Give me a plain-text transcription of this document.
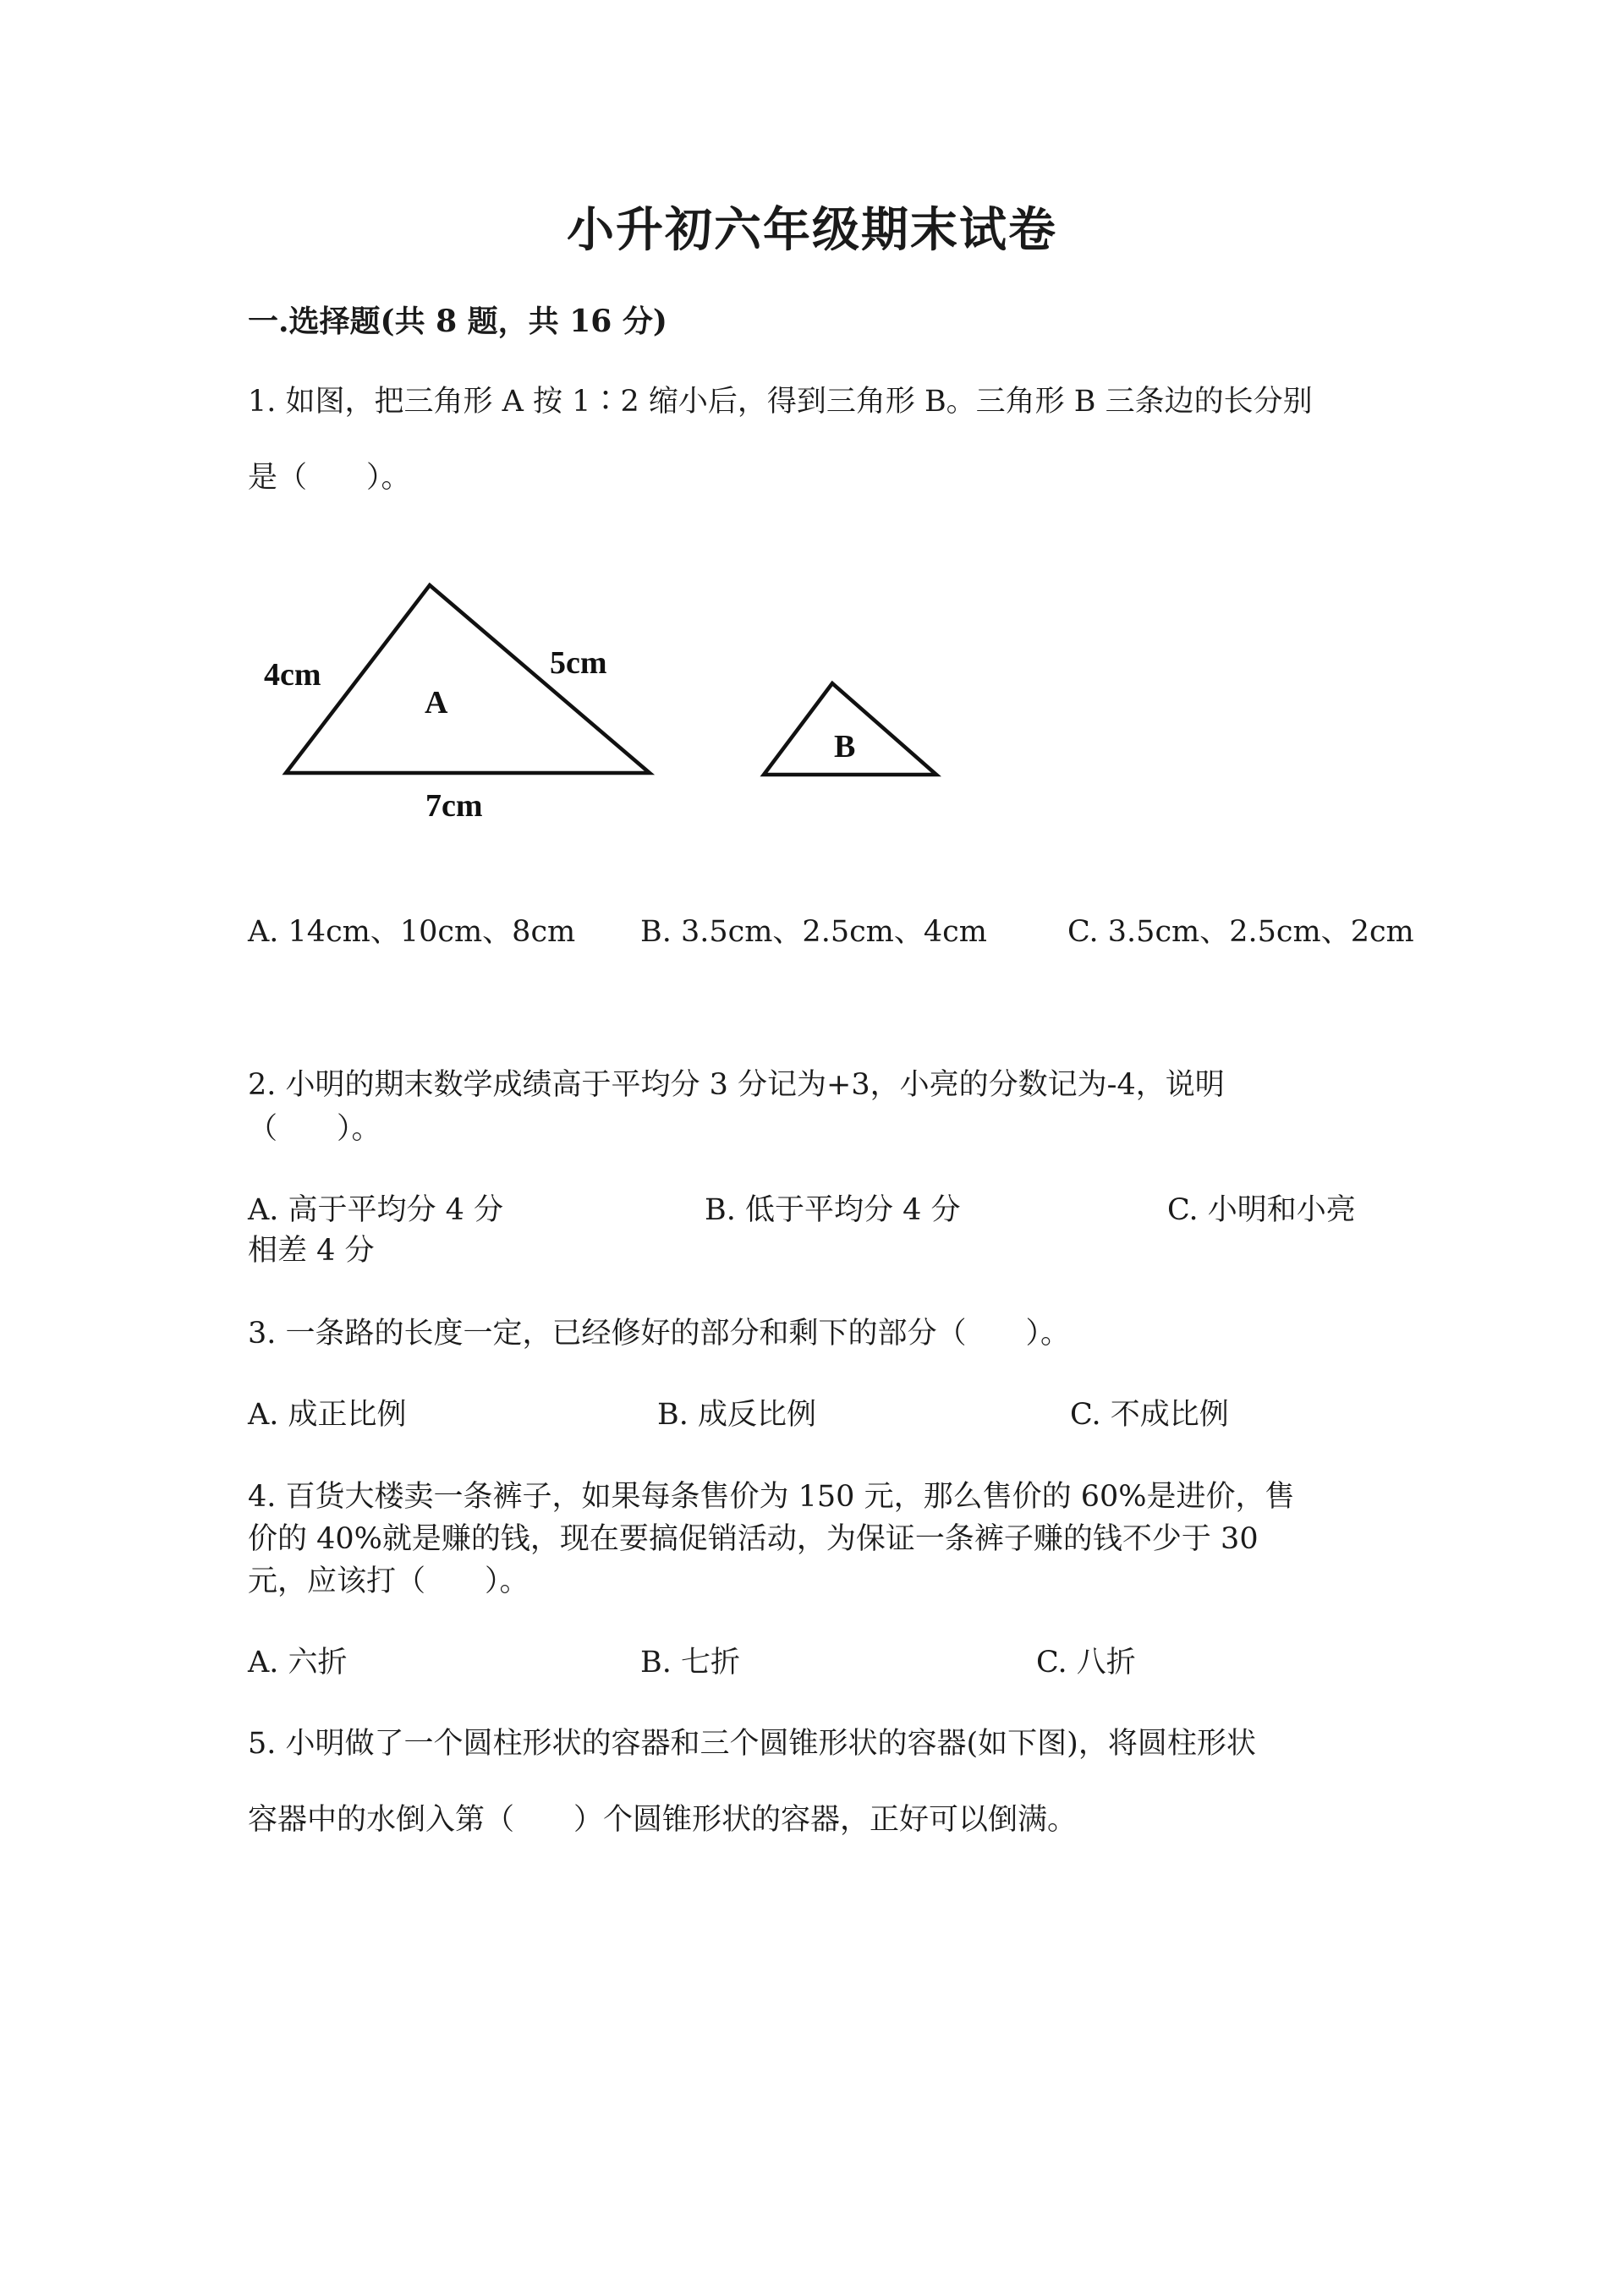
小升初六年级期末试卷
一.选择题(共 8 题，共 16 分)
1. 如图，把三角形 A 按 1∶2 缩小后，得到三角形 B。三角形 B 三条边的长分别
是（　　）。
4cm	5cm
A
7cm
B
A. 14cm、10cm、8cm B. 3.5cm、2.5cm、4cm	C. 3.5cm、2.5cm、2cm
2. 小明的期末数学成绩高于平均分 3 分记为+3，小亮的分数记为-4，说明
（　　）。
A. 高于平均分 4 分	B. 低于平均分 4 分	C. 小明和小亮
相差 4 分
3. 一条路的长度一定，已经修好的部分和剩下的部分（　　）。
A. 成正比例	B. 成反比例	C. 不成比例
4. 百货大楼卖一条裤子，如果每条售价为 150 元，那么售价的 60%是进价，售
价的 40%就是赚的钱，现在要搞促销活动，为保证一条裤子赚的钱不少于 30
元，应该打（　　）。
A. 六折	B. 七折	C. 八折
5. 小明做了一个圆柱形状的容器和三个圆锥形状的容器(如下图)，将圆柱形状
容器中的水倒入第（　　）个圆锥形状的容器，正好可以倒满。
